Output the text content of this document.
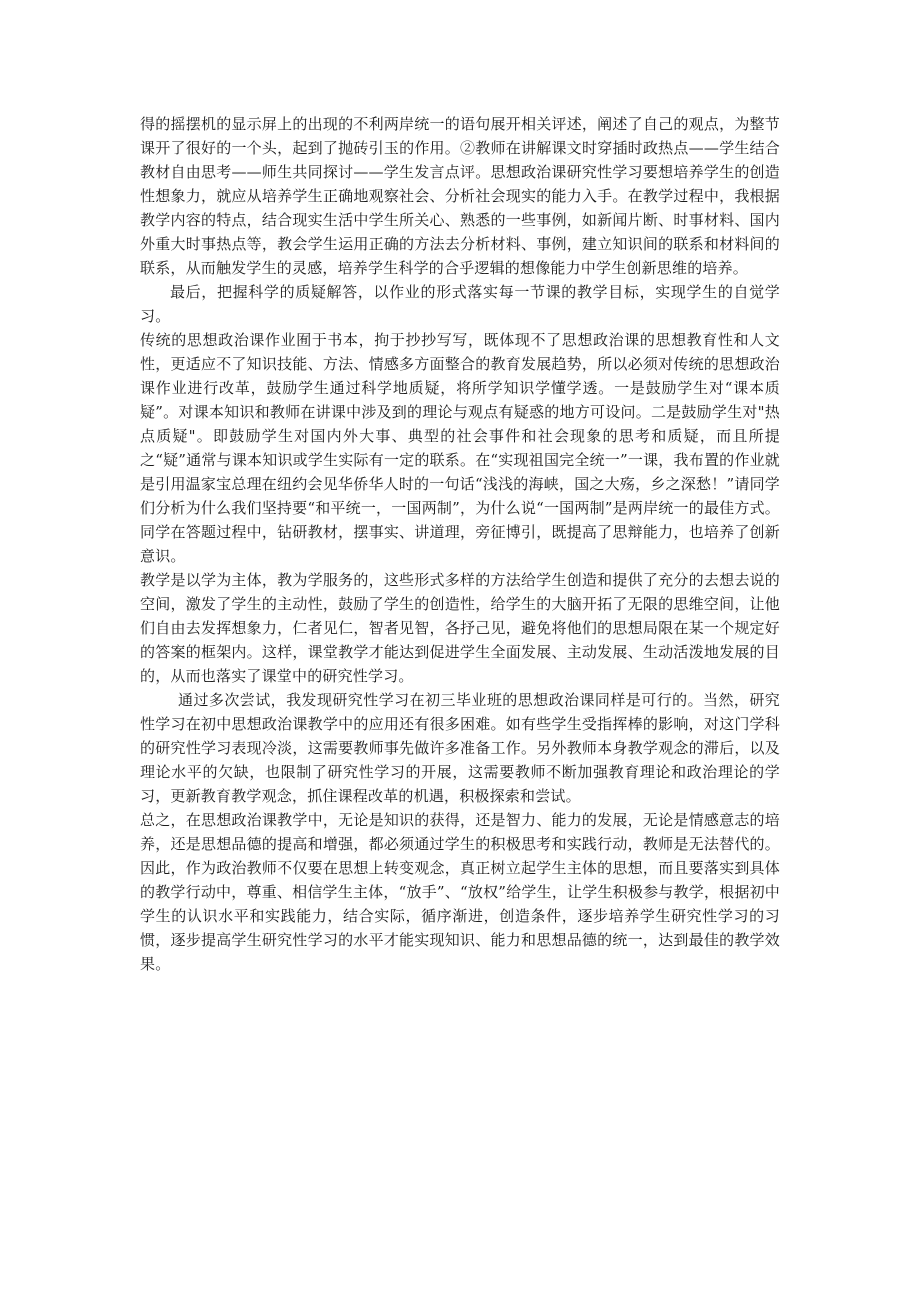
得的摇摆机的显示屏上的出现的不利两岸统一的语句展开相关评述，阐述了自己的观点，为整节课开了很好的一个头，起到了抛砖引玉的作用。②教师在讲解课文时穿插时政热点——学生结合教材自由思考——师生共同探讨——学生发言点评。思想政治课研究性学习要想培养学生的创造性想象力，就应从培养学生正确地观察社会、分析社会现实的能力入手。在教学过程中，我根据教学内容的特点，结合现实生活中学生所关心、熟悉的一些事例，如新闻片断、时事材料、国内外重大时事热点等，教会学生运用正确的方法去分析材料、事例，建立知识间的联系和材料间的联系，从而触发学生的灵感，培养学生科学的合乎逻辑的想像能力中学生创新思维的培养。

最后，把握科学的质疑解答，以作业的形式落实每一节课的教学目标，实现学生的自觉学习。

传统的思想政治课作业囿于书本，拘于抄抄写写，既体现不了思想政治课的思想教育性和人文性，更适应不了知识技能、方法、情感多方面整合的教育发展趋势，所以必须对传统的思想政治课作业进行改革，鼓励学生通过科学地质疑，将所学知识学懂学透。一是鼓励学生对“课本质疑”。对课本知识和教师在讲课中涉及到的理论与观点有疑惑的地方可设问。二是鼓励学生对"热点质疑"。即鼓励学生对国内外大事、典型的社会事件和社会现象的思考和质疑，而且所提之“疑”通常与课本知识或学生实际有一定的联系。在“实现祖国完全统一”一课，我布置的作业就是引用温家宝总理在纽约会见华侨华人时的一句话“浅浅的海峡，国之大殇，乡之深愁！”请同学们分析为什么我们坚持要“和平统一，一国两制”，为什么说“一国两制”是两岸统一的最佳方式。同学在答题过程中，钻研教材，摆事实、讲道理，旁征博引，既提高了思辩能力，也培养了创新意识。

教学是以学为主体，教为学服务的，这些形式多样的方法给学生创造和提供了充分的去想去说的空间，激发了学生的主动性，鼓励了学生的创造性，给学生的大脑开拓了无限的思维空间，让他们自由去发挥想象力，仁者见仁，智者见智，各抒己见，避免将他们的思想局限在某一个规定好的答案的框架内。这样，课堂教学才能达到促进学生全面发展、主动发展、生动活泼地发展的目的，从而也落实了课堂中的研究性学习。

通过多次尝试，我发现研究性学习在初三毕业班的思想政治课同样是可行的。当然，研究性学习在初中思想政治课教学中的应用还有很多困难。如有些学生受指挥棒的影响，对这门学科的研究性学习表现冷淡，这需要教师事先做许多准备工作。另外教师本身教学观念的滞后，以及理论水平的欠缺，也限制了研究性学习的开展，这需要教师不断加强教育理论和政治理论的学习，更新教育教学观念，抓住课程改革的机遇，积极探索和尝试。

总之，在思想政治课教学中，无论是知识的获得，还是智力、能力的发展，无论是情感意志的培养，还是思想品德的提高和增强，都必须通过学生的积极思考和实践行动，教师是无法替代的。因此，作为政治教师不仅要在思想上转变观念，真正树立起学生主体的思想，而且要落实到具体的教学行动中，尊重、相信学生主体，“放手”、“放权”给学生，让学生积极参与教学，根据初中学生的认识水平和实践能力，结合实际，循序渐进，创造条件，逐步培养学生研究性学习的习惯，逐步提高学生研究性学习的水平才能实现知识、能力和思想品德的统一，达到最佳的教学效果。
